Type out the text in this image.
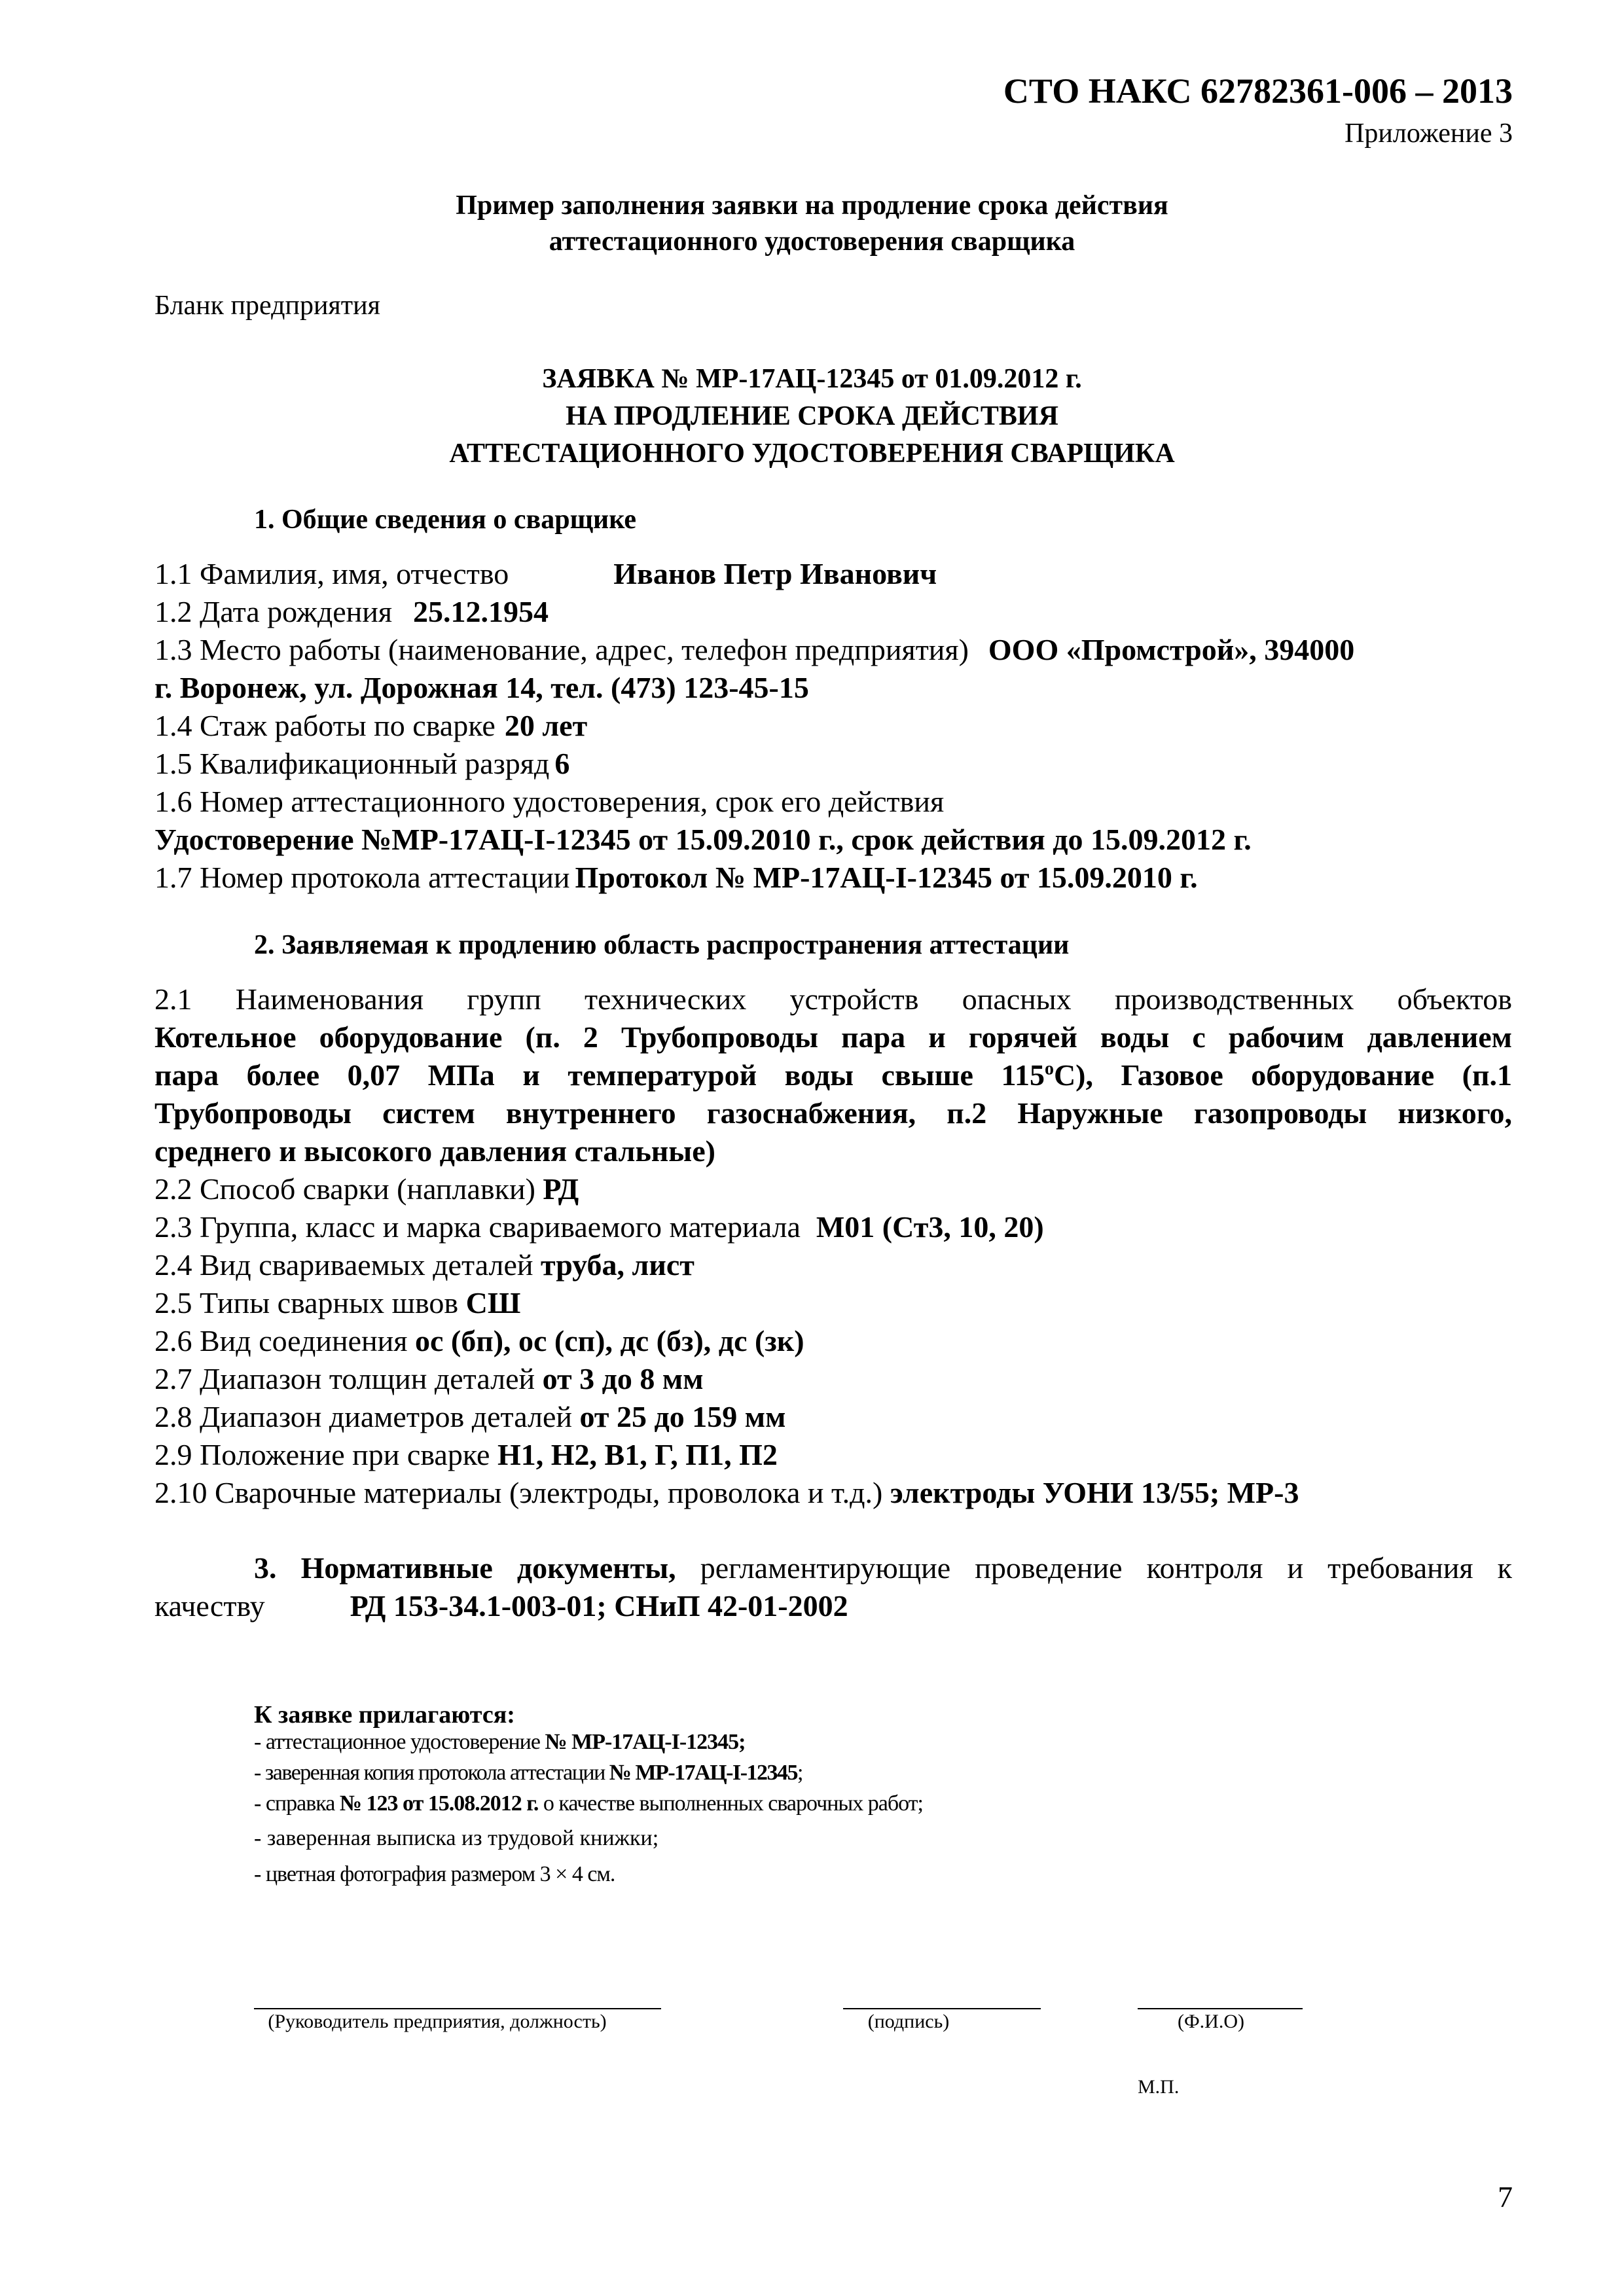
СТО НАКС 62782361-006 – 2013
Приложение 3
Пример заполнения заявки на продление срока действия
аттестационного удостоверения сварщика
Бланк предприятия
ЗАЯВКА № МР-17АЦ-12345 от 01.09.2012 г.
НА ПРОДЛЕНИЕ СРОКА ДЕЙСТВИЯ
АТТЕСТАЦИОННОГО УДОСТОВЕРЕНИЯ СВАРЩИКА
1. Общие сведения о сварщике
1.1 Фамилия, имя, отчество	Иванов Петр Иванович
1.2 Дата рождения 25.12.1954
1.3 Место работы (наименование, адрес, телефон предприятия) ООО «Промстрой», 394000
г. Воронеж, ул. Дорожная 14, тел. (473) 123-45-15
1.4 Стаж работы по сварке 20 лет
1.5 Квалификационный разряд 6
1.6 Номер аттестационного удостоверения, срок его действия
Удостоверение №МР-17АЦ-I-12345 от 15.09.2010 г., срок действия до 15.09.2012 г.
1.7 Номер протокола аттестации Протокол № МР-17АЦ-I-12345 от 15.09.2010 г.
2. Заявляемая к продлению область распространения аттестации
2.1 Наименования групп технических устройств опасных производственных объектов
Котельное оборудование (п. 2 Трубопроводы пара и горячей воды с рабочим давлением
пара более 0,07 МПа и температурой воды свыше $115^оС$), Газовое оборудование (п.1
Трубопроводы систем внутреннего газоснабжения, п.2 Наружные газопроводы низкого,
среднего и высокого давления стальные)
2.2 Способ сварки (наплавки) РД
2.3 Группа, класс и марка свариваемого материала М01 (Ст3, 10, 20)
2.4 Вид свариваемых деталей труба, лист
2.5 Типы сварных швов СШ
2.6 Вид соединения ос (бп), ос (сп), дс (бз), дс (зк)
2.7 Диапазон толщин деталей от 3 до 8 мм
2.8 Диапазон диаметров деталей от 25 до 159 мм
2.9 Положение при сварке Н1, Н2, В1, Г, П1, П2
2.10 Сварочные материалы (электроды, проволока и т.д.) электроды УОНИ 13/55; МР-3
3. Нормативные документы, регламентирующие проведение контроля и требования к
качеству	РД 153-34.1-003-01; СНиП 42-01-2002
К заявке прилагаются:
- аттестационное удостоверение № МР-17АЦ-I-12345;
- заверенная копия протокола аттестации № МР-17АЦ-I-12345;
- справка № 123 от 15.08.2012 г. о качестве выполненных сварочных работ;
- заверенная выписка из трудовой книжки;
- цветная фотография размером 3 × 4 см.
(Руководитель предприятия, должность)	(подпись)	(Ф.И.О)
М.П.
7
